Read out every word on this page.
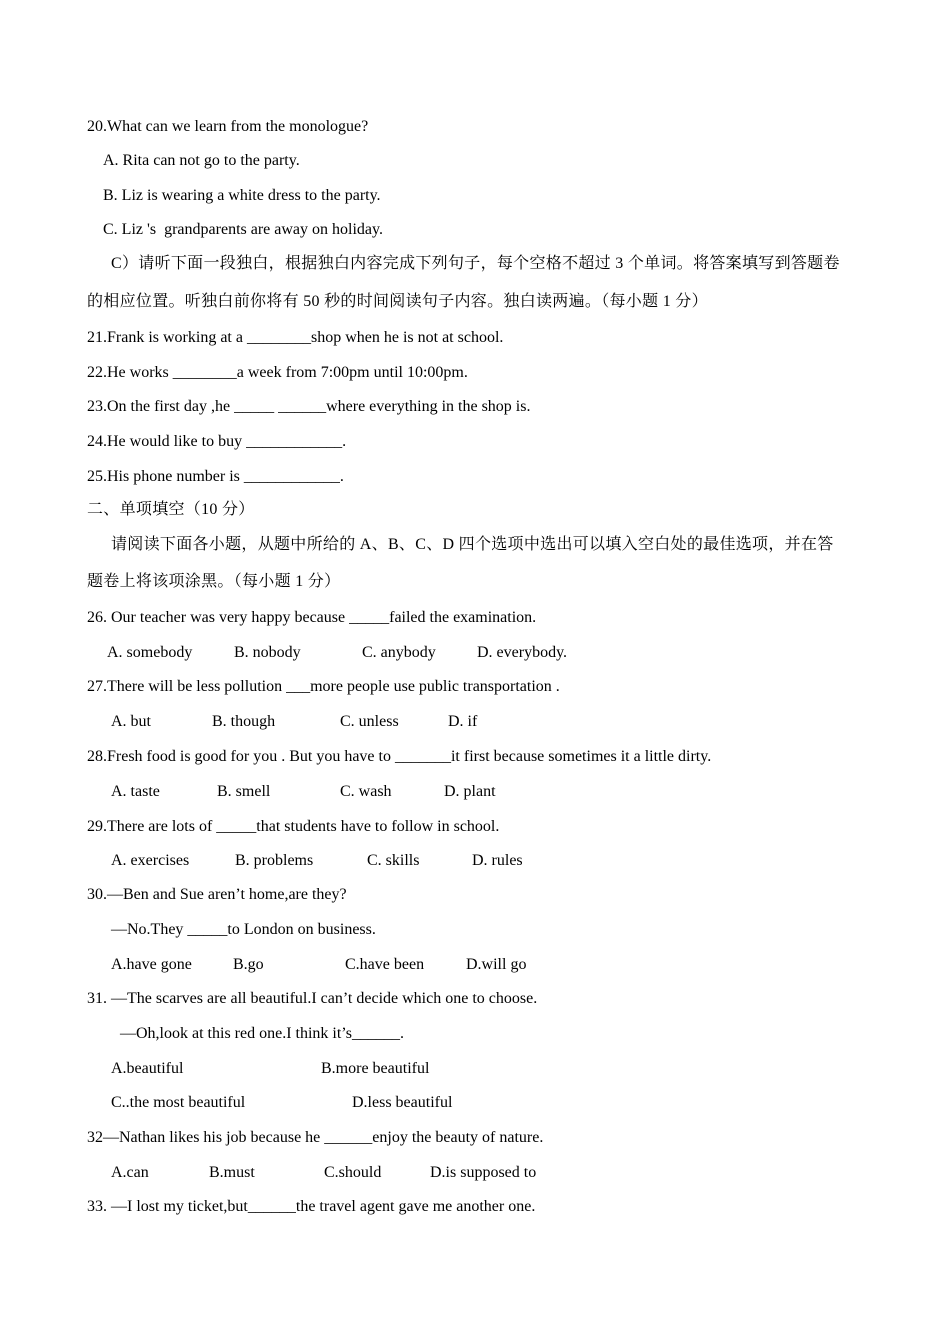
20.What can we learn from the monologue?
A. Rita can not go to the party.
B. Liz is wearing a white dress to the party.
C. Liz 's  grandparents are away on holiday.
C）请听下面一段独白，根据独白内容完成下列句子，每个空格不超过 3 个单词。将答案填写到答题卷
的相应位置。听独白前你将有 50 秒的时间阅读句子内容。独白读两遍。（每小题 1 分）
21.Frank is working at a ________shop when he is not at school.
22.He works ________a week from 7:00pm until 10:00pm.
23.On the first day ,he _____ ______where everything in the shop is.
24.He would like to buy ____________.
25.His phone number is ____________.
二、单项填空（10 分）
请阅读下面各小题，从题中所给的 A、B、C、D 四个选项中选出可以填入空白处的最佳选项，并在答
题卷上将该项涂黑。（每小题 1 分）
26. Our teacher was very happy because _____failed the examination.
A. somebody	B. nobody	C. anybody	D. everybody.
27.There will be less pollution ___more people use public transportation .
A. but	B. though	C. unless	D. if
28.Fresh food is good for you . But you have to _______it first because sometimes it a little dirty.
A. taste	B. smell	C. wash	D. plant
29.There are lots of _____that students have to follow in school.
A. exercises	B. problems	C. skills	D. rules
30.—Ben and Sue aren’t home,are they?
—No.They _____to London on business.
A.have gone	B.go	C.have been	D.will go
31. —The scarves are all beautiful.I can’t decide which one to choose.
—Oh,look at this red one.I think it’s______.
A.beautiful	B.more beautiful
C..the most beautiful	D.less beautiful
32—Nathan likes his job because he ______enjoy the beauty of nature.
A.can	B.must	C.should	D.is supposed to
33. —I lost my ticket,but______the travel agent gave me another one.
